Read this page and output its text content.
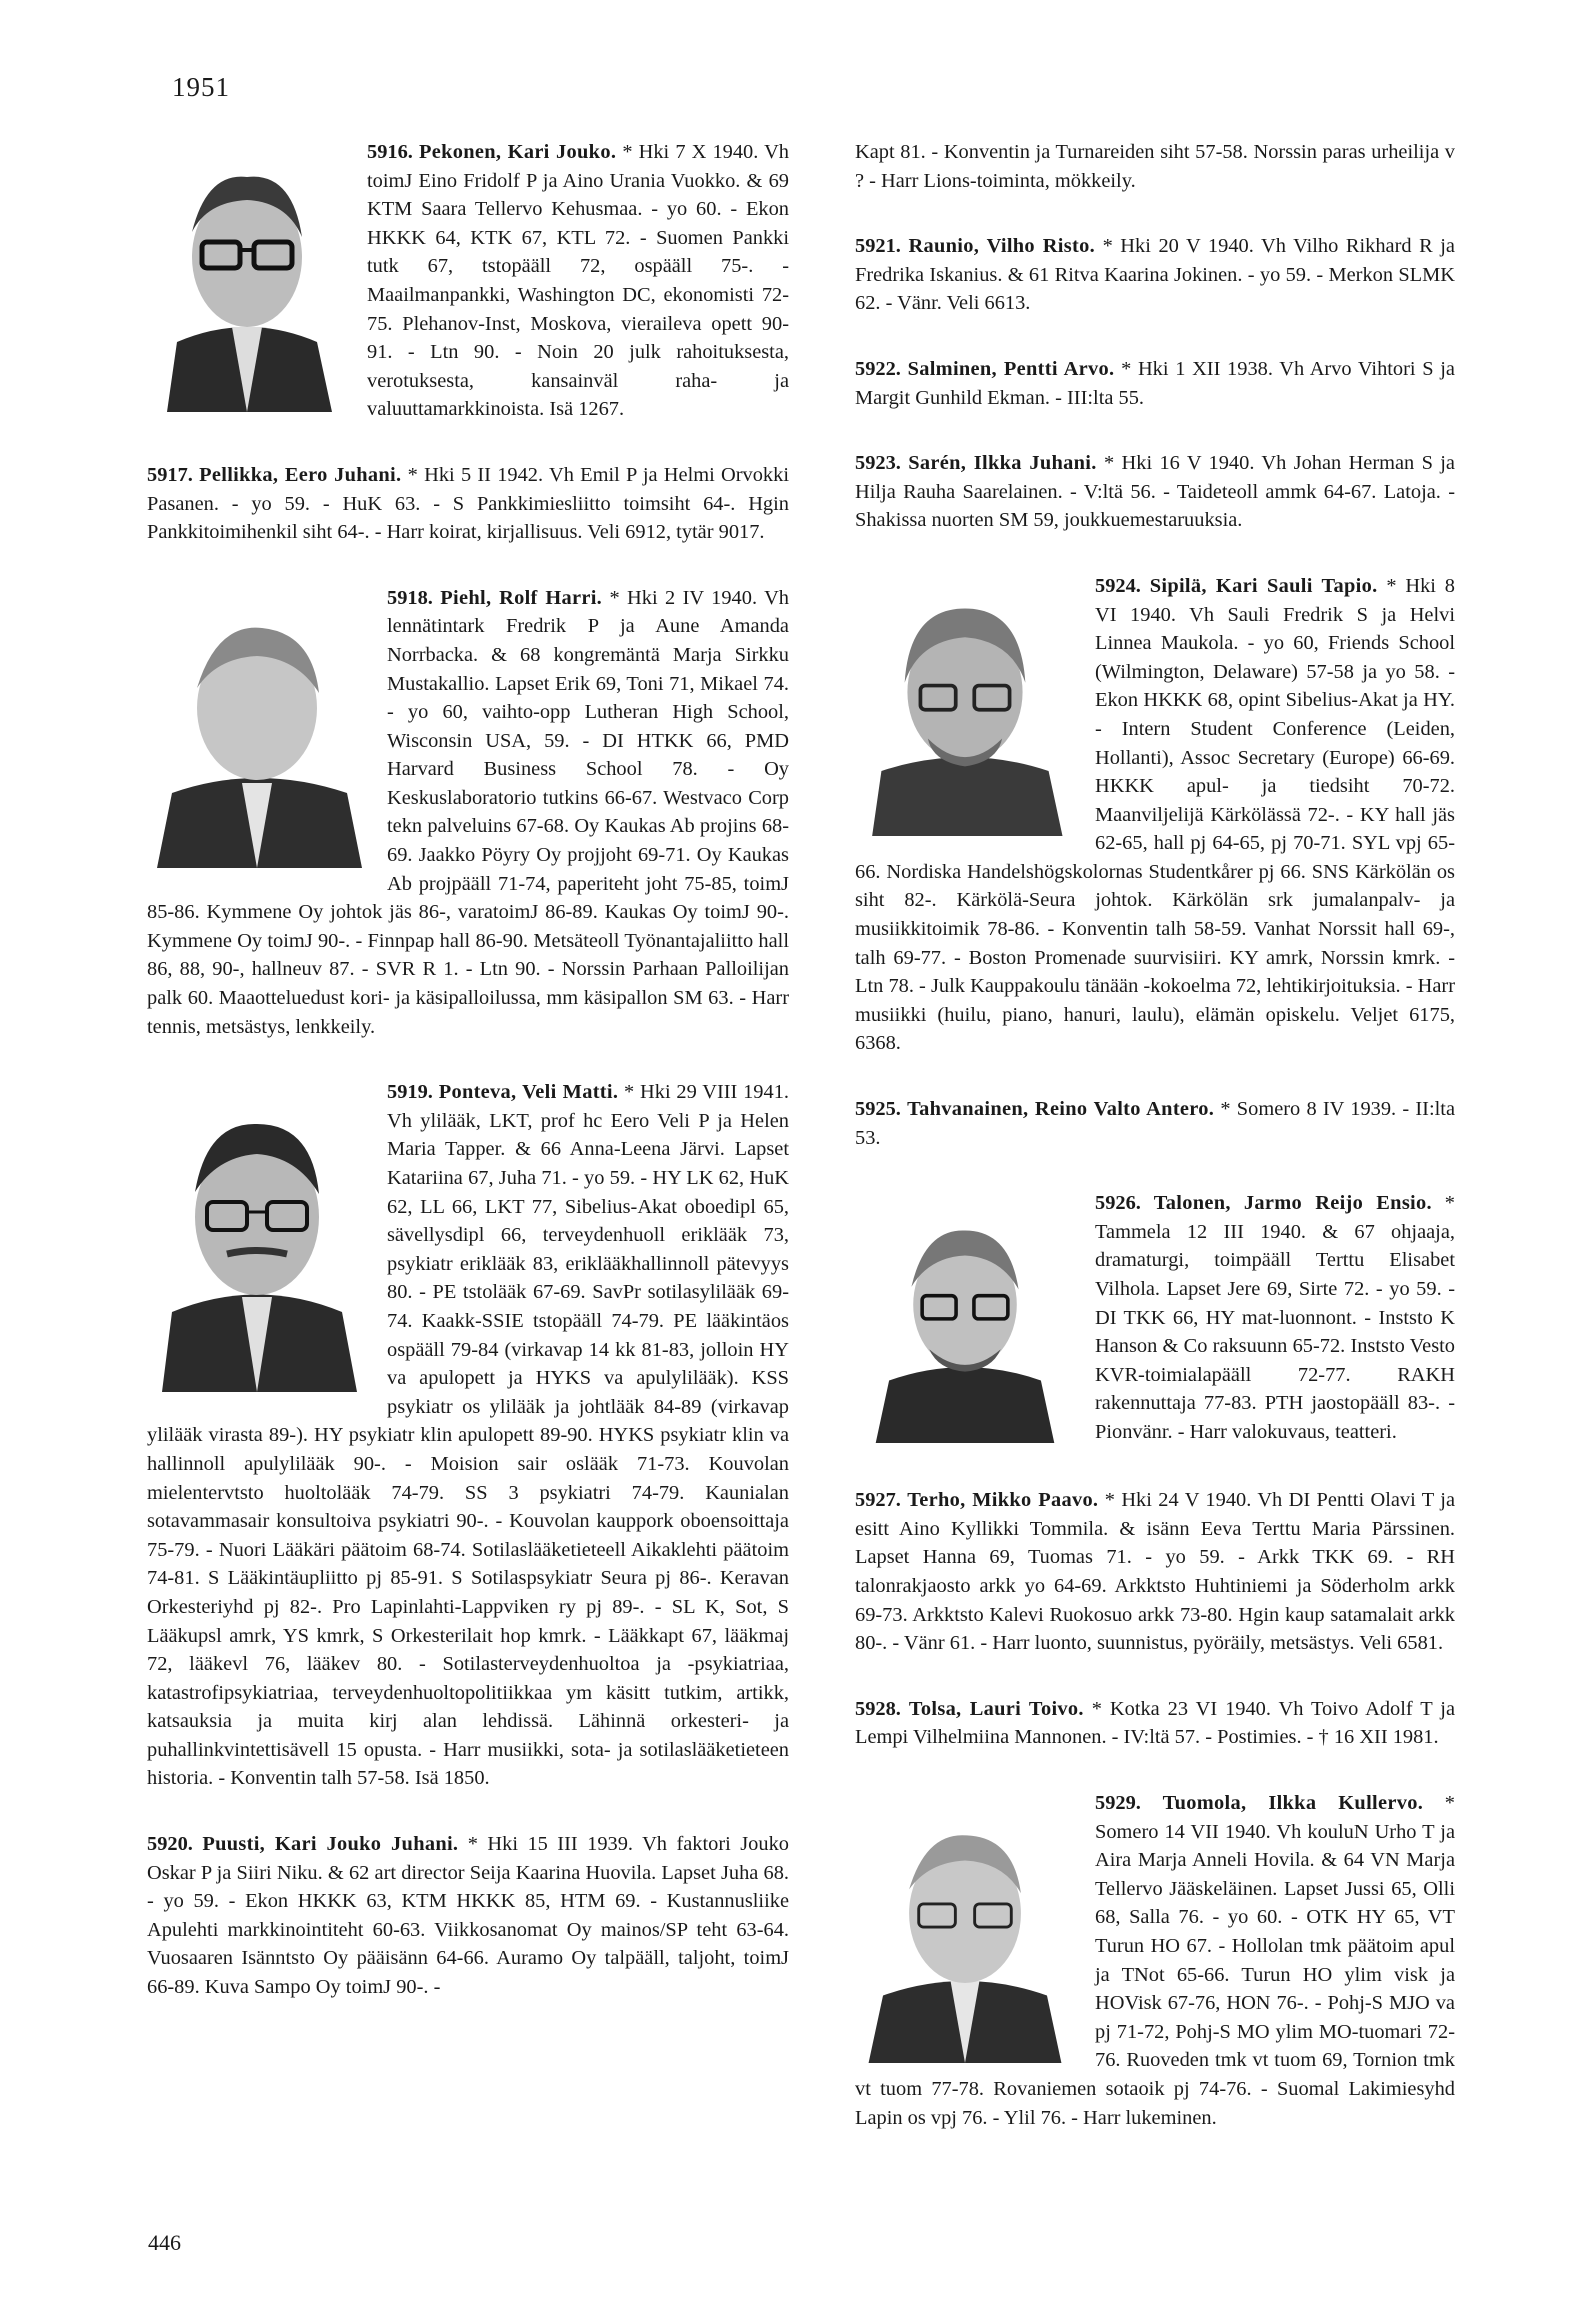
1951
5916. Pekonen, Kari Jouko. * Hki 7 X 1940. Vh toimJ Eino Fridolf P ja Aino Urania Vuokko. & 69 KTM Saara Tellervo Kehusmaa. - yo 60. - Ekon HKKK 64, KTK 67, KTL 72. - Suomen Pankki tutk 67, tstopääll 72, ospääll 75-. - Maailmanpankki, Washington DC, ekonomisti 72-75. Plehanov-Inst, Moskova, vieraileva opett 90-91. - Ltn 90. - Noin 20 julk rahoituksesta, verotuksesta, kansainväl raha- ja valuuttamarkkinoista. Isä 1267.
5917. Pellikka, Eero Juhani. * Hki 5 II 1942. Vh Emil P ja Helmi Orvokki Pasanen. - yo 59. - HuK 63. - S Pankkimiesliitto toimsiht 64-. Hgin Pankkitoimihenkil siht 64-. - Harr koirat, kirjallisuus. Veli 6912, tytär 9017.
5918. Piehl, Rolf Harri. * Hki 2 IV 1940. Vh lennätintark Fredrik P ja Aune Amanda Norrbacka. & 68 kongremäntä Marja Sirkku Mustakallio. Lapset Erik 69, Toni 71, Mikael 74. - yo 60, vaihto-opp Lutheran High School, Wisconsin USA, 59. - DI HTKK 66, PMD Harvard Business School 78. - Oy Keskuslaboratorio tutkins 66-67. Westvaco Corp tekn palveluins 67-68. Oy Kaukas Ab projins 68-69. Jaakko Pöyry Oy projjoht 69-71. Oy Kaukas Ab projpääll 71-74, paperiteht joht 75-85, toimJ 85-86. Kymmene Oy johtok jäs 86-, varatoimJ 86-89. Kaukas Oy toimJ 90-. Kymmene Oy toimJ 90-. - Finnpap hall 86-90. Metsäteoll Työnantajaliitto hall 86, 88, 90-, hallneuv 87. - SVR R 1. - Ltn 90. - Norssin Parhaan Palloilijan palk 60. Maaotteluedust kori- ja käsipalloilussa, mm käsipallon SM 63. - Harr tennis, metsästys, lenkkeily.
5919. Ponteva, Veli Matti. * Hki 29 VIII 1941. Vh ylilääk, LKT, prof hc Eero Veli P ja Helen Maria Tapper. & 66 Anna-Leena Järvi. Lapset Katariina 67, Juha 71. - yo 59. - HY LK 62, HuK 62, LL 66, LKT 77, Sibelius-Akat oboedipl 65, sävellysdipl 66, terveydenhuoll eriklääk 73, psykiatr eriklääk 83, eriklääkhallinnoll pätevyys 80. - PE tstolääk 67-69. SavPr sotilasylilääk 69-74. Kaakk-SSIE tstopääll 74-79. PE lääkintäos ospääll 79-84 (virkavap 14 kk 81-83, jolloin HY va apulopett ja HYKS va apulylilääk). KSS psykiatr os ylilääk ja johtlääk 84-89 (virkavap ylilääk virasta 89-). HY psykiatr klin apulopett 89-90. HYKS psykiatr klin va hallinnoll apulylilääk 90-. - Moision sair oslääk 71-73. Kouvolan mielentervtsto huoltolääk 74-79. SS 3 psykiatri 74-79. Kaunialan sotavammasair konsultoiva psykiatri 90-. - Kouvolan kauppork oboensoittaja 75-79. - Nuori Lääkäri päätoim 68-74. Sotilaslääketieteell Aikaklehti päätoim 74-81. S Lääkintäupliitto pj 85-91. S Sotilaspsykiatr Seura pj 86-. Keravan Orkesteriyhd pj 82-. Pro Lapinlahti-Lappviken ry pj 89-. - SL K, Sot, S Lääkupsl amrk, YS kmrk, S Orkesterilait hop kmrk. - Lääkkapt 67, lääkmaj 72, lääkevl 76, lääkev 80. - Sotilasterveydenhuoltoa ja -psykiatriaa, katastrofipsykiatriaa, terveydenhuoltopolitiikkaa ym käsitt tutkim, artikk, katsauksia ja muita kirj alan lehdissä. Lähinnä orkesteri- ja puhallinkvintettisävell 15 opusta. - Harr musiikki, sota- ja sotilaslääketieteen historia. - Konventin talh 57-58. Isä 1850.
5920. Puusti, Kari Jouko Juhani. * Hki 15 III 1939. Vh faktori Jouko Oskar P ja Siiri Niku. & 62 art director Seija Kaarina Huovila. Lapset Juha 68. - yo 59. - Ekon HKKK 63, KTM HKKK 85, HTM 69. - Kustannusliike Apulehti markkinointiteht 60-63. Viikkosanomat Oy mainos/SP teht 63-64. Vuosaaren Isänntsto Oy pääisänn 64-66. Auramo Oy talpääll, taljoht, toimJ 66-89. Kuva Sampo Oy toimJ 90-. -
Kapt 81. - Konventin ja Turnareiden siht 57-58. Norssin paras urheilija v ? - Harr Lions-toiminta, mökkeily.
5921. Raunio, Vilho Risto. * Hki 20 V 1940. Vh Vilho Rikhard R ja Fredrika Iskanius. & 61 Ritva Kaarina Jokinen. - yo 59. - Merkon SLMK 62. - Vänr. Veli 6613.
5922. Salminen, Pentti Arvo. * Hki 1 XII 1938. Vh Arvo Vihtori S ja Margit Gunhild Ekman. - III:lta 55.
5923. Sarén, Ilkka Juhani. * Hki 16 V 1940. Vh Johan Herman S ja Hilja Rauha Saarelainen. - V:ltä 56. - Taideteoll ammk 64-67. Latoja. - Shakissa nuorten SM 59, joukkuemestaruuksia.
5924. Sipilä, Kari Sauli Tapio. * Hki 8 VI 1940. Vh Sauli Fredrik S ja Helvi Linnea Maukola. - yo 60, Friends School (Wilmington, Delaware) 57-58 ja yo 58. - Ekon HKKK 68, opint Sibelius-Akat ja HY. - Intern Student Conference (Leiden, Hollanti), Assoc Secretary (Europe) 66-69. HKKK apul- ja tiedsiht 70-72. Maanviljelijä Kärkölässä 72-. - KY hall jäs 62-65, hall pj 64-65, pj 70-71. SYL vpj 65-66. Nordiska Handelshögskolornas Studentkårer pj 66. SNS Kärkölän os siht 82-. Kärkölä-Seura johtok. Kärkölän srk jumalanpalv- ja musiikkitoimik 78-86. - Konventin talh 58-59. Vanhat Norssit hall 69-, talh 69-77. - Boston Promenade suurvisiiri. KY amrk, Norssin kmrk. - Ltn 78. - Julk Kauppakoulu tänään -kokoelma 72, lehtikirjoituksia. - Harr musiikki (huilu, piano, hanuri, laulu), elämän opiskelu. Veljet 6175, 6368.
5925. Tahvanainen, Reino Valto Antero. * Somero 8 IV 1939. - II:lta 53.
5926. Talonen, Jarmo Reijo Ensio. * Tammela 12 III 1940. & 67 ohjaaja, dramaturgi, toimpääll Terttu Elisabet Vilhola. Lapset Jere 69, Sirte 72. - yo 59. - DI TKK 66, HY mat-luonnont. - Inststo K Hanson & Co raksuunn 65-72. Inststo Vesto KVR-toimialapääll 72-77. RAKH rakennuttaja 77-83. PTH jaostopääll 83-. - Pionvänr. - Harr valokuvaus, teatteri.
5927. Terho, Mikko Paavo. * Hki 24 V 1940. Vh DI Pentti Olavi T ja esitt Aino Kyllikki Tommila. & isänn Eeva Terttu Maria Pärssinen. Lapset Hanna 69, Tuomas 71. - yo 59. - Arkk TKK 69. - RH talonrakjaosto arkk yo 64-69. Arkktsto Huhtiniemi ja Söderholm arkk 69-73. Arkktsto Kalevi Ruokosuo arkk 73-80. Hgin kaup satamalait arkk 80-. - Vänr 61. - Harr luonto, suunnistus, pyöräily, metsästys. Veli 6581.
5928. Tolsa, Lauri Toivo. * Kotka 23 VI 1940. Vh Toivo Adolf T ja Lempi Vilhelmiina Mannonen. - IV:ltä 57. - Postimies. - † 16 XII 1981.
5929. Tuomola, Ilkka Kullervo. * Somero 14 VII 1940. Vh kouluN Urho T ja Aira Marja Anneli Hovila. & 64 VN Marja Tellervo Jääskeläinen. Lapset Jussi 65, Olli 68, Salla 76. - yo 60. - OTK HY 65, VT Turun HO 67. - Hollolan tmk päätoim apul ja TNot 65-66. Turun HO ylim visk ja HOVisk 67-76, HON 76-. - Pohj-S MJO va pj 71-72, Pohj-S MO ylim MO-tuomari 72-76. Ruoveden tmk vt tuom 69, Tornion tmk vt tuom 77-78. Rovaniemen sotaoik pj 74-76. - Suomal Lakimiesyhd Lapin os vpj 76. - Ylil 76. - Harr lukeminen.
446
